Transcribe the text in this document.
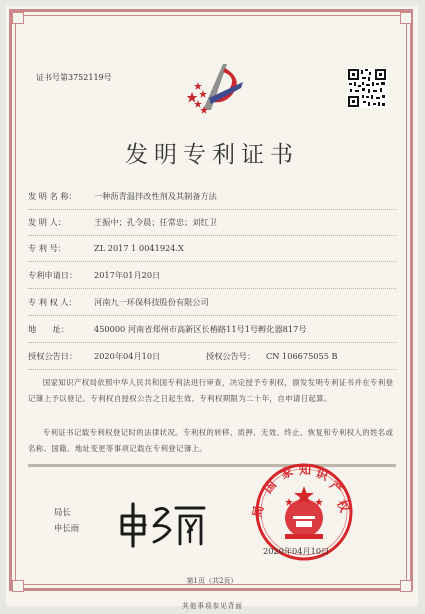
证书号第3752119号
发明专利证书
发 明 名 称： 一种沥青温拌改性剂及其制备方法
发 明 人：	王振中；孔令晨；任常忠；刘红卫
专 利 号：	ZL 2017 1 0041924.X
专利申请日： 2017年01月20日
专 利 权 人： 河南九一环保科技股份有限公司
地　　址：	450000 河南省郑州市高新区长椿路11号1号孵化器817号
授权公告日： 2020年04月10日	授权公告号： CN 106675055 B
国家知识产权局依照中华人民共和国专利法进行审查，决定授予专利权，颁发发明专利证书并在专利登记簿上予以登记。专利权自授权公告之日起生效。专利权期限为二十年，自申请日起算。
专利证书记载专利权登记时的法律状况。专利权的转移、质押、无效、终止、恢复和专利权人的姓名或名称、国籍、地址变更等事项记载在专利登记簿上。
局长
申长雨
国
家 知 识
产
权
局
2020年04月10日
第1页（共2页）
其他事项参见背面
